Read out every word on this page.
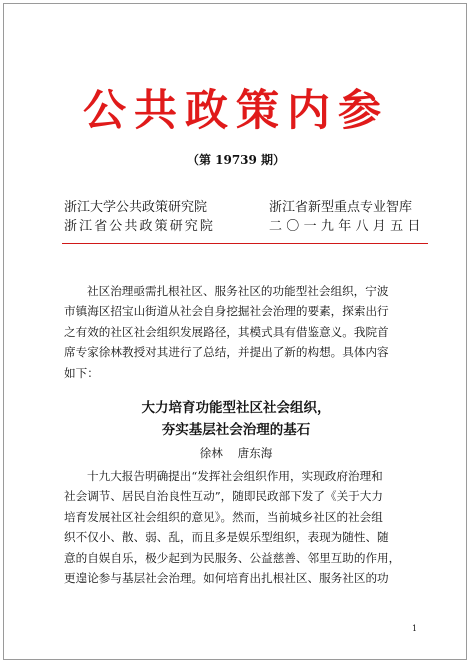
公共政策内参
（第 19739 期）
浙江大学公共政策研究院
浙江省公共政策研究院
浙江省新型重点专业智库
二〇一九年八月五日
社区治理亟需扎根社区、服务社区的功能型社会组织，宁波
市镇海区招宝山街道从社会自身挖掘社会治理的要素，探索出行
之有效的社区社会组织发展路径，其模式具有借鉴意义。我院首
席专家徐林教授对其进行了总结，并提出了新的构想。具体内容
如下：
大力培育功能型社区社会组织，
夯实基层社会治理的基石
徐林    唐东海
十九大报告明确提出“发挥社会组织作用，实现政府治理和
社会调节、居民自治良性互动”，随即民政部下发了《关于大力
培育发展社区社会组织的意见》。然而，当前城乡社区的社会组
织不仅小、散、弱、乱，而且多是娱乐型组织，表现为随性、随
意的自娱自乐，极少起到为民服务、公益慈善、邻里互助的作用，
更遑论参与基层社会治理。如何培育出扎根社区、服务社区的功
1
